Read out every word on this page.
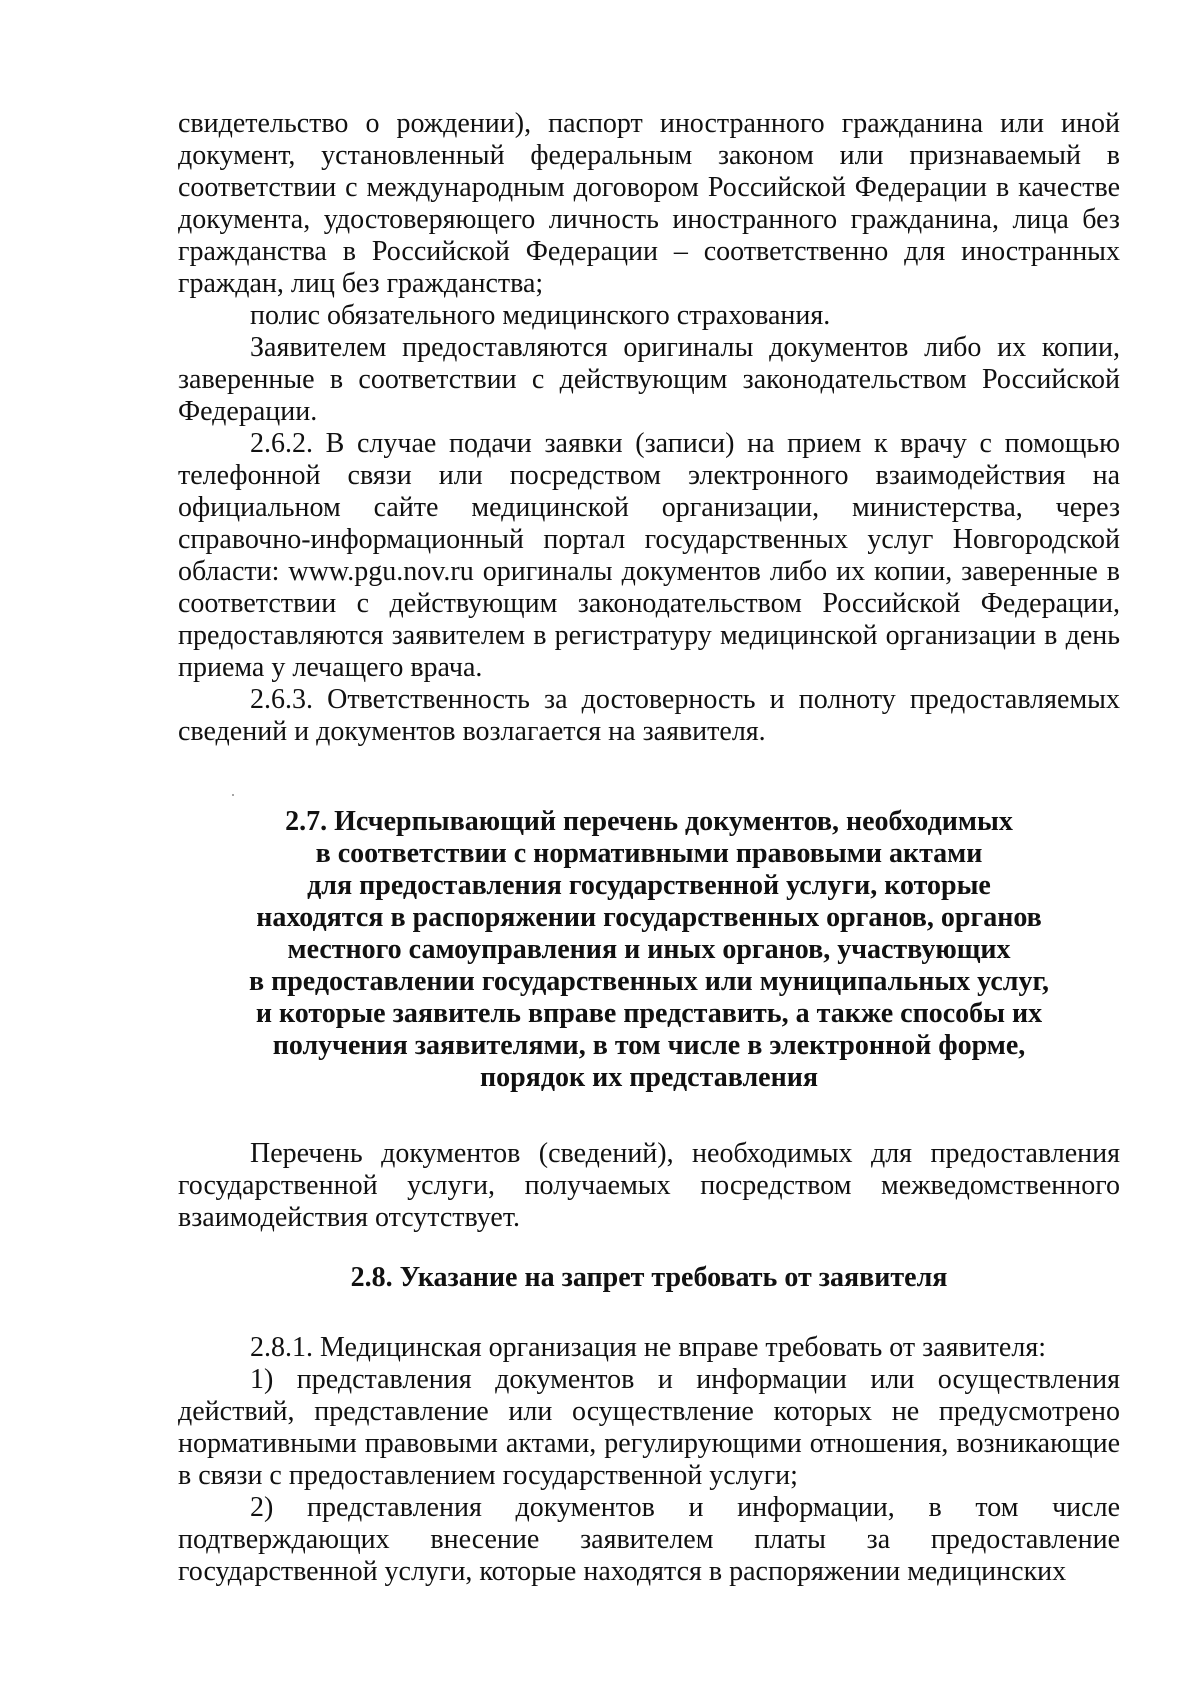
свидетельство о рождении), паспорт иностранного гражданина или иной документ, установленный федеральным законом или признаваемый в соответствии с международным договором Российской Федерации в качестве документа, удостоверяющего личность иностранного гражданина, лица без гражданства в Российской Федерации – соответственно для иностранных граждан, лиц без гражданства;

полис обязательного медицинского страхования.

Заявителем предоставляются оригиналы документов либо их копии, заверенные в соответствии с действующим законодательством Российской Федерации.

2.6.2. В случае подачи заявки (записи) на прием к врачу с помощью телефонной связи или посредством электронного взаимодействия на официальном сайте медицинской организации, министерства, через справочно-информационный портал государственных услуг Новгородской области: www.pgu.nov.ru оригиналы документов либо их копии, заверенные в соответствии с действующим законодательством Российской Федерации, предоставляются заявителем в регистратуру медицинской организации в день приема у лечащего врача.

2.6.3. Ответственность за достоверность и полноту предоставляемых сведений и документов возлагается на заявителя.

2.7. Исчерпывающий перечень документов, необходимых
в соответствии с нормативными правовыми актами
для предоставления государственной услуги, которые
находятся в распоряжении государственных органов, органов
местного самоуправления и иных органов, участвующих
в предоставлении государственных или муниципальных услуг,
и которые заявитель вправе представить, а также способы их
получения заявителями, в том числе в электронной форме,
порядок их представления

Перечень документов (сведений), необходимых для предоставления государственной услуги, получаемых посредством межведомственного взаимодействия отсутствует.

2.8. Указание на запрет требовать от заявителя

2.8.1. Медицинская организация не вправе требовать от заявителя:

1) представления документов и информации или осуществления действий, представление или осуществление которых не предусмотрено нормативными правовыми актами, регулирующими отношения, возникающие в связи с предоставлением государственной услуги;

2) представления документов и информации, в том числе подтверждающих внесение заявителем платы за предоставление государственной услуги, которые находятся в распоряжении медицинских
